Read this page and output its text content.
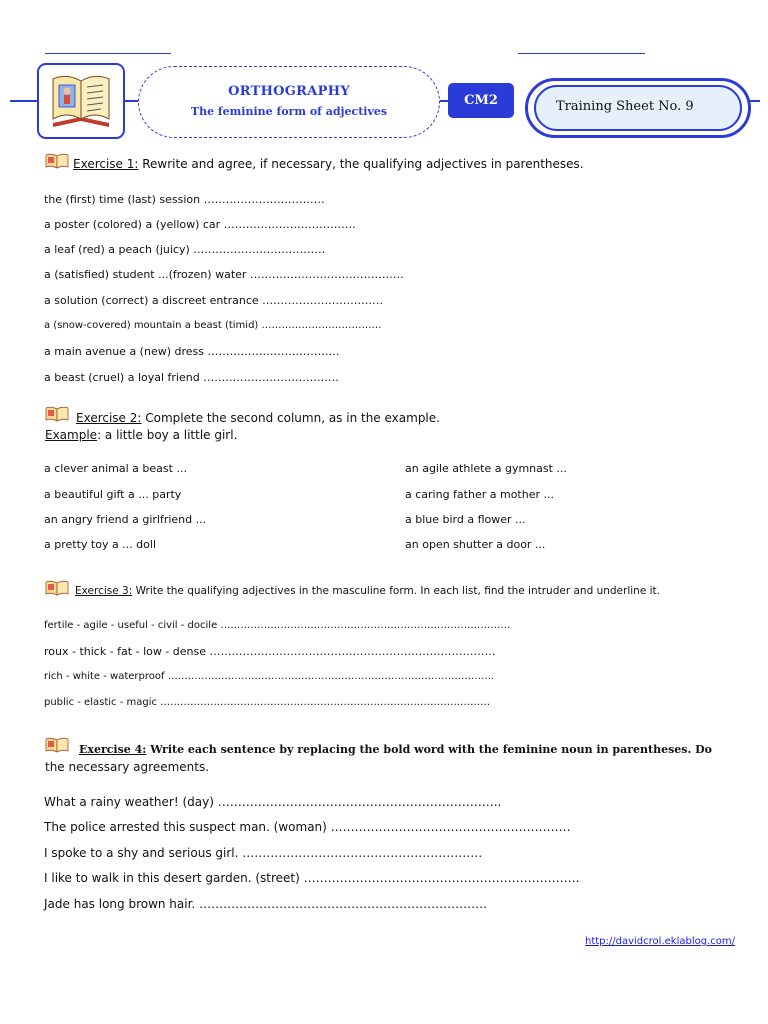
ORTHOGRAPHY
The feminine form of adjectives
CM2	Training Sheet No. 9
Exercise 1: Rewrite and agree, if necessary, the qualifying adjectives in parentheses.
the (first) time (last) session ……………………………
a poster (colored) a (yellow) car ………………………………
a leaf (red) a peach (juicy) ………………………………
a (satisfied) student ...(frozen) water ……………………………………
a solution (correct) a discreet entrance ……………………………
a (snow-covered) mountain a beast (timid) ………………………………
a main avenue a (new) dress ………………………………
a beast (cruel) a loyal friend ……………………………….
Exercise 2: Complete the second column, as in the example.
Example: a little boy a little girl.
a clever animal a beast ...
a beautiful gift a ... party
an angry friend a girlfriend ...
a pretty toy a ... doll
an agile athlete a gymnast ...
a caring father a mother ...
a blue bird a flower ...
an open shutter a door ...
Exercise 3: Write the qualifying adjectives in the masculine form. In each list, find the intruder and underline it.
fertile - agile - useful - civil - docile ……………………………………………………………………………
roux - thick - fat - low - dense ……………………………………………………………………
rich - white - waterproof ……………………………………………………………………………………..
public - elastic - magic ………………………………………………………………………………………
Exercise 4: Write each sentence by replacing the bold word with the feminine noun in parentheses. Do
the necessary agreements.
What a rainy weather! (day) ……………………………………………………………..
The police arrested this suspect man. (woman) ……………………………………………………
I spoke to a shy and serious girl. ……………………………………………………
I like to walk in this desert garden. (street) ……………………………………………………………
Jade has long brown hair. ………………………………………………………………
http://davidcrol.eklablog.com/
